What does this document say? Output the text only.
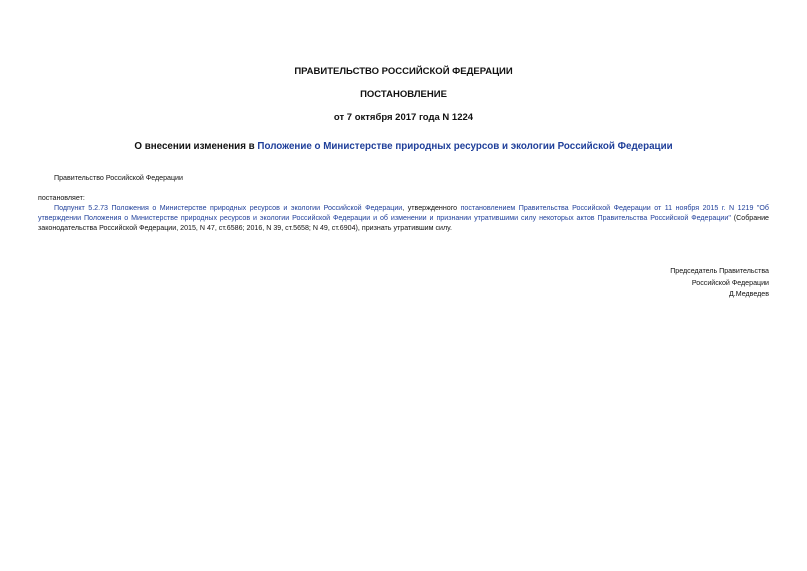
ПРАВИТЕЛЬСТВО РОССИЙСКОЙ ФЕДЕРАЦИИ
ПОСТАНОВЛЕНИЕ
от 7 октября 2017 года N 1224
О внесении изменения в Положение о Министерстве природных ресурсов и экологии Российской Федерации
Правительство Российской Федерации
постановляет:
Подпункт 5.2.73 Положения о Министерстве природных ресурсов и экологии Российской Федерации, утвержденного постановлением Правительства Российской Федерации от 11 ноября 2015 г. N 1219 "Об утверждении Положения о Министерстве природных ресурсов и экологии Российской Федерации и об изменении и признании утратившими силу некоторых актов Правительства Российской Федерации" (Собрание законодательства Российской Федерации, 2015, N 47, ст.6586; 2016, N 39, ст.5658; N 49, ст.6904), признать утратившим силу.
Председатель Правительства
Российской Федерации
Д.Медведев
